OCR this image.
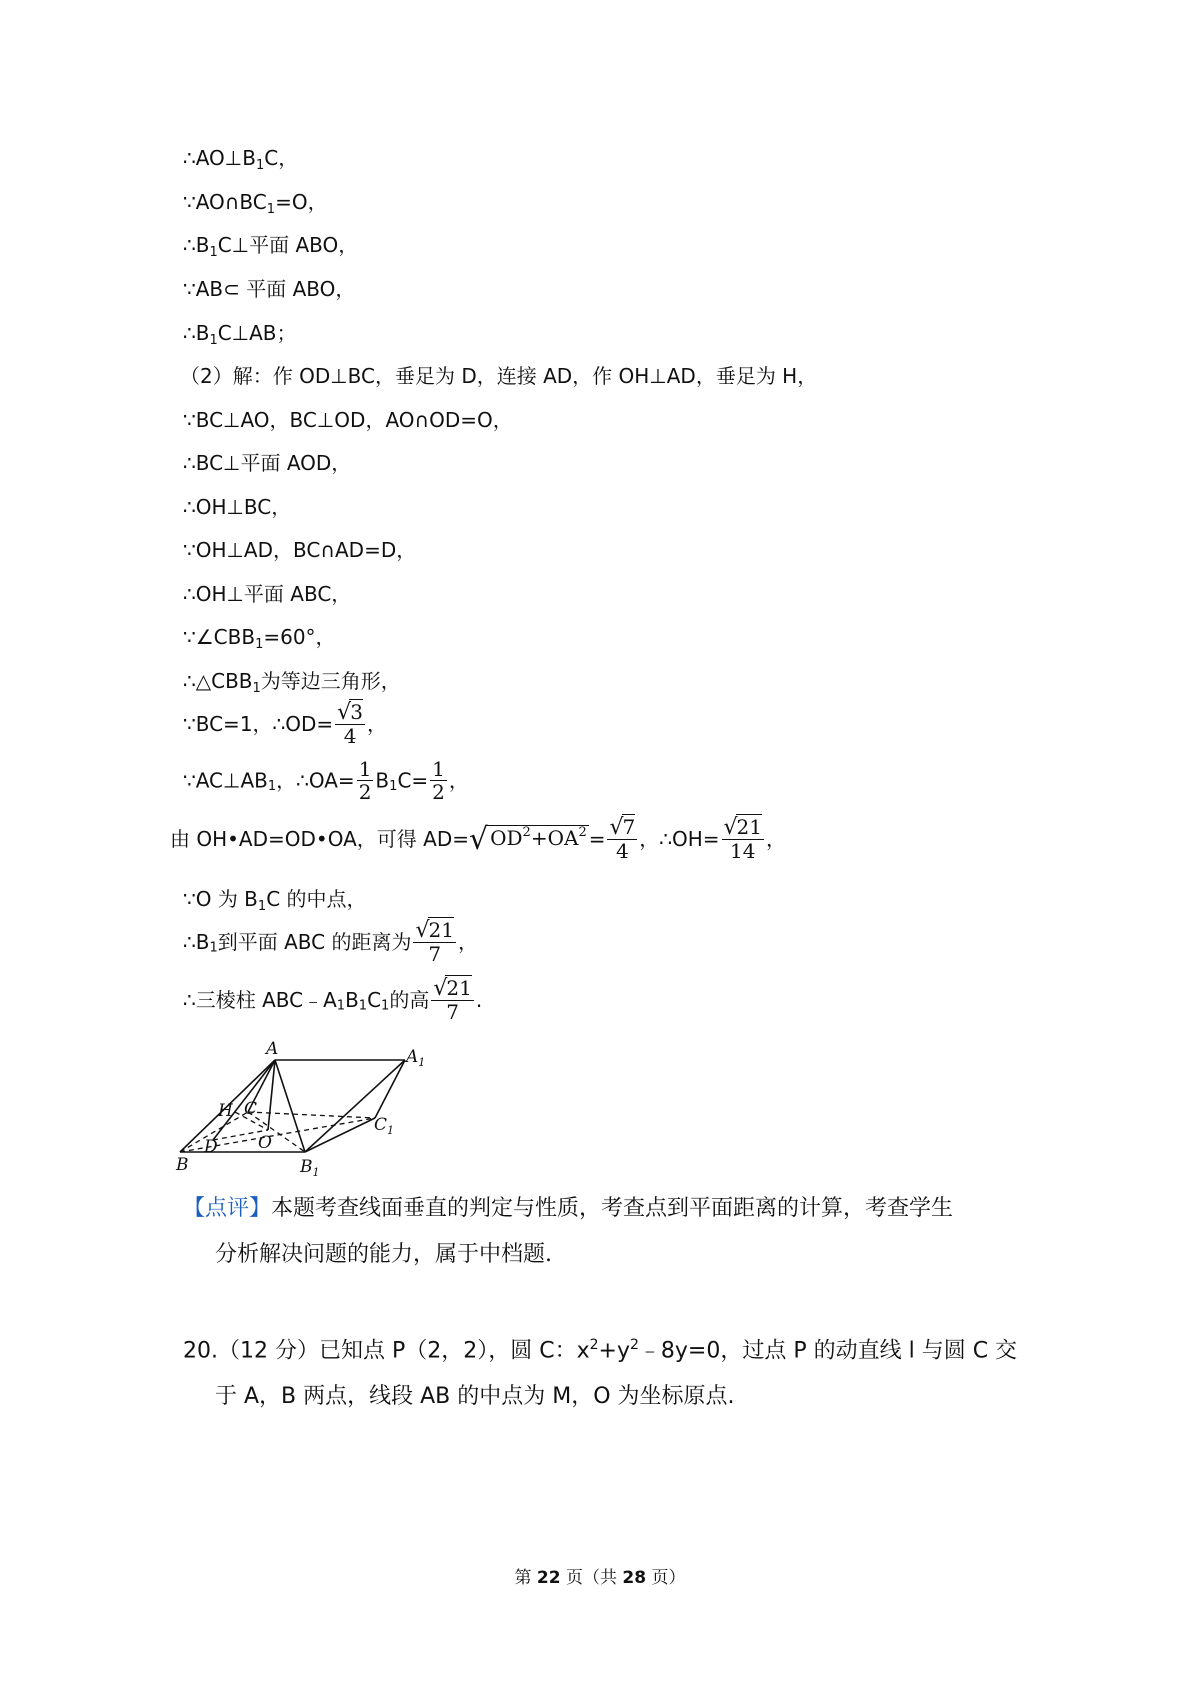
$\therefore AO\perp B_1C$，
$\because AO\cap BC_1=O$，
$\therefore B_1C\perp$平面 ABO，
∵AB⊂ 平面 ABO，
$\therefore B_1C\perp AB$；
（2）解：作 OD⊥BC，垂足为 D，连接 AD，作 OH⊥AD，垂足为 H，
∵BC⊥AO，BC⊥OD，AO∩OD=O，
∴BC⊥平面 AOD，
∴OH⊥BC，
∵OH⊥AD，BC∩AD=D，
∴OH⊥平面 ABC，
$\because\angle CBB_1=60^\circ$，
$\therefore\triangle CBB_1$为等边三角形，
∵BC=1，∴OD= $\frac{√3}{4}$ ，
$\because AC\perp AB_1$，∴OA= $\frac{1}{2} B_1C= \frac{1}{2}$ ，
由 OH•AD=OD•OA，可得 AD=√ $OD^2+OA^2 = \frac{√7}{4}$ ，∴OH= $\frac{√21}{14}$ ，
∵O 为 $B_1C$ 的中点，
$\therefore B_1$到平面 ABC 的距离为 $\frac{√21}{7}$ ，
∴三棱柱 $ABC﹣A_1B_1C_1$的高 $\frac{√21}{7}$ .
A	$A_1$
H C
$C_1$
O
D
B	$B_1$
【点评】本题考查线面垂直的判定与性质，考查点到平面距离的计算，考查学生
分析解决问题的能力，属于中档题.
20.（12 分）已知点 P（2，2），圆 C：$x^2+y^2﹣8y=0$，过点 P 的动直线 l 与圆 C 交
于 A，B 两点，线段 AB 的中点为 M，O 为坐标原点.
第 22 页（共 28 页）
